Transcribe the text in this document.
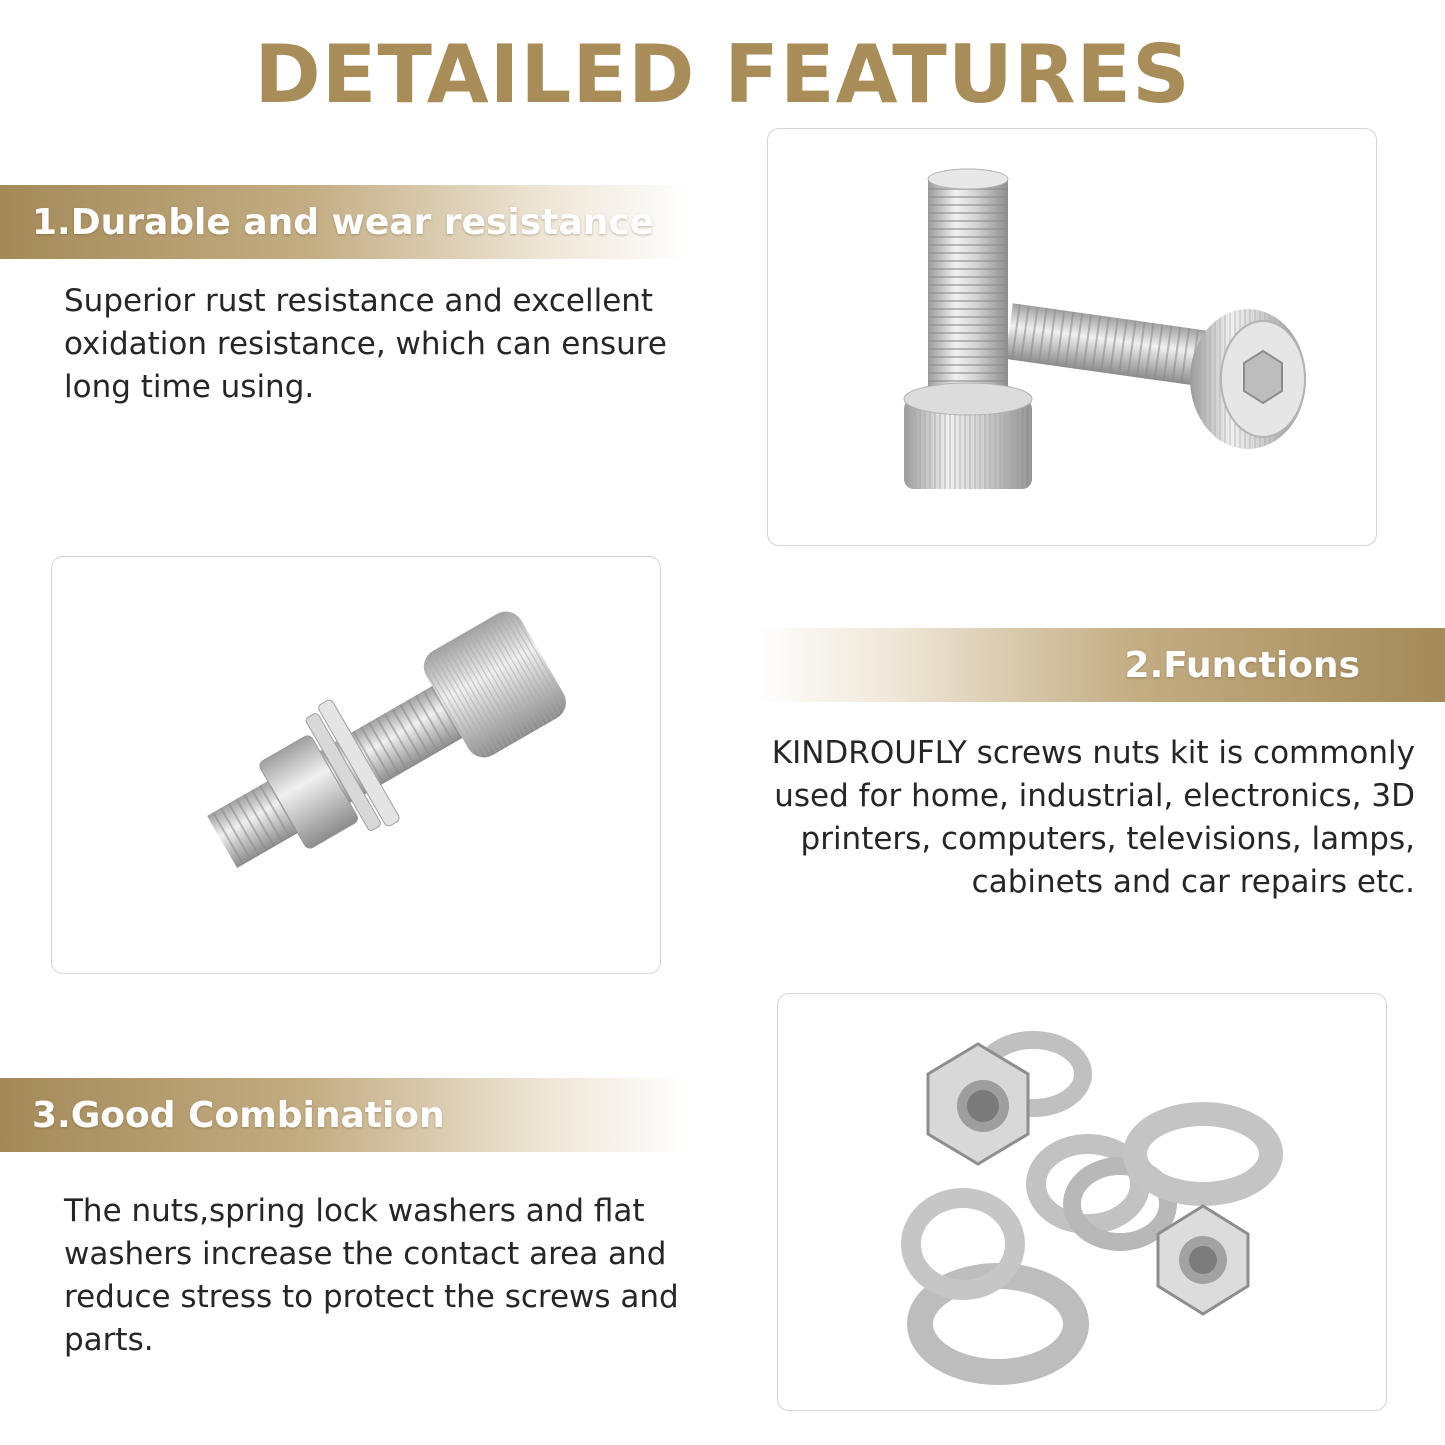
DETAILED FEATURES
1.Durable and wear resistance

Superior rust resistance and excellent oxidation resistance, which can ensure long time using.

2.Functions

KINDROUFLY screws nuts kit is commonly used for home, industrial, electronics, 3D printers, computers, televisions, lamps, cabinets and car repairs etc.

3.Good Combination

The nuts,spring lock washers and flat washers increase the contact area and reduce stress to protect the screws and parts.
